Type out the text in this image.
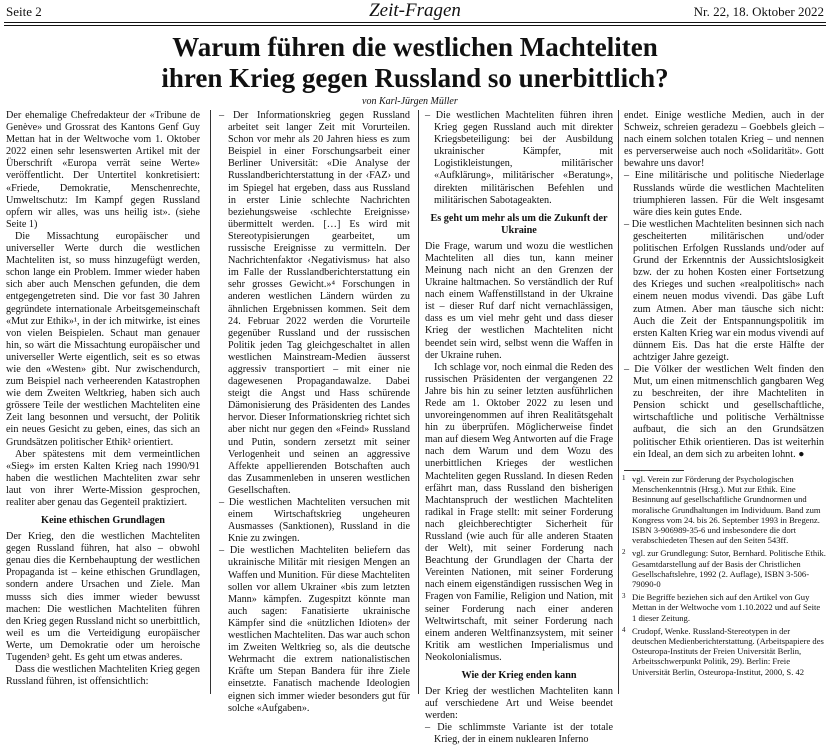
Seite 2	Zeit-Fragen	Nr. 22, 18. Oktober 2022
Warum führen die westlichen Machteliten
ihren Krieg gegen Russland so unerbittlich?
von Karl-Jürgen Müller

Der ehemalige Chefredakteur der «Tribune de Genève» und Grossrat des Kantons Genf Guy Mettan hat in der Weltwoche vom 1. Oktober 2022 einen sehr lesenswerten Artikel mit der Überschrift «Europa verrät seine Werte» veröffentlicht. Der Untertitel konkretisiert: «Friede, Demokratie, Menschenrechte, Umweltschutz: Im Kampf gegen Russland opfern wir alles, was uns heilig ist». (siehe Seite 1)

Die Missachtung europäischer und universeller Werte durch die westlichen Machteliten ist, so muss hinzugefügt werden, schon lange ein Problem. Immer wieder haben sich aber auch Menschen gefunden, die dem entgegengetreten sind. Die vor fast 30 Jahren gegründete internationale Arbeitsgemeinschaft «Mut zur Ethik»¹, in der ich mitwirke, ist eines von vielen Beispielen. Schaut man genauer hin, so wärt die Missachtung europäischer und universeller Werte eigentlich, seit es so etwas wie den «Westen» gibt. Nur zwischendurch, zum Beispiel nach verheerenden Katastrophen wie dem Zweiten Weltkrieg, haben sich auch grössere Teile der westlichen Machteliten eine Zeit lang besonnen und versucht, der Politik ein neues Gesicht zu geben, eines, das sich an Grundsätzen politischer Ethik² orientiert.

Aber spätestens mit dem vermeintlichen «Sieg» im ersten Kalten Krieg nach 1990/91 haben die westlichen Machteliten zwar sehr laut von ihrer Werte-Mission gesprochen, realiter aber genau das Gegenteil praktiziert.

Keine ethischen Grundlagen

Der Krieg, den die westlichen Machteliten gegen Russland führen, hat also – obwohl genau dies die Kernbehauptung der westlichen Propaganda ist – keine ethischen Grundlagen, sondern andere Ursachen und Ziele. Man musss sich dies immer wieder bewusst machen: Die westlichen Machteliten führen den Krieg gegen Russland nicht so unerbittlich, weil es um die Verteidigung europäischer Werte, um Demokratie oder um heroische Tugenden³ geht. Es geht um etwas anderes.

Dass die westlichen Machteliten Krieg gegen Russland führen, ist offensichtlich:

– Der Informationskrieg gegen Russland arbeitet seit langer Zeit mit Vorurteilen. Schon vor mehr als 20 Jahren hiess es zum Beispiel in einer Forschungsarbeit einer Berliner Universität: «Die Analyse der Russlandberichterstattung in der ‹FAZ› und im Spiegel hat ergeben, dass aus Russland in erster Linie schlechte Nachrichten beziehungsweise ‹schlechte Ereignisse› übermittelt werden. […] Es wird mit Stereotypisierungen gearbeitet, um russische Ereignisse zu vermitteln. Der Nachrichtenfaktor ‹Negativismus› hat also im Falle der Russlandberichterstattung ein sehr grosses Gewicht.»⁴ Forschungen in anderen westlichen Ländern würden zu ähnlichen Ergebnissen kommen. Seit dem 24. Februar 2022 werden die Vorurteile gegenüber Russland und der russischen Politik jeden Tag gleichgeschaltet in allen westlichen Mainstream-Medien äusserst aggressiv transportiert – mit einer nie dagewesenen Propagandawalze. Dabei steigt die Angst und Hass schürende Dämonisierung des Präsidenten des Landes hervor. Dieser Informationskrieg richtet sich aber nicht nur gegen den «Feind» Russland und Putin, sondern zersetzt mit seiner Verlogenheit und seinen an aggressive Affekte appellierenden Botschaften auch das Zusammenleben in unseren westlichen Gesellschaften.

– Die westlichen Machteliten versuchen mit einem Wirtschaftskrieg ungeheuren Ausmasses (Sanktionen), Russland in die Knie zu zwingen.

– Die westlichen Machteliten beliefern das ukrainische Militär mit riesigen Mengen an Waffen und Munition. Für diese Machteliten sollen vor allem Ukrainer «bis zum letzten Mann» kämpfen. Zugespitzt könnte man auch sagen: Fanatisierte ukrainische Kämpfer sind die «nützlichen Idioten» der westlichen Machteliten. Das war auch schon im Zweiten Weltkrieg so, als die deutsche Wehrmacht die extrem nationalistischen Kräfte um Stepan Bandera für ihre Ziele einsetzte. Fanatisch machende Ideologien eignen sich immer wieder besonders gut für solche «Aufgaben».

– Die westlichen Machteliten führen ihren Krieg gegen Russland auch mit direkter Kriegsbeteiligung: bei der Ausbildung ukrainischer Kämpfer, mit Logistikleistungen, militärischer «Aufklärung», militärischer «Beratung», direkten militärischen Befehlen und militärischen Sabotageakten.

Es geht um mehr als um die Zukunft der Ukraine

Die Frage, warum und wozu die westlichen Machteliten all dies tun, kann meiner Meinung nach nicht an den Grenzen der Ukraine haltmachen. So verständlich der Ruf nach einem Waffenstillstand in der Ukraine ist – dieser Ruf darf nicht vernachlässigen, dass es um viel mehr geht und dass dieser Krieg der westlichen Machteliten nicht beendet sein wird, selbst wenn die Waffen in der Ukraine ruhen.

Ich schlage vor, noch einmal die Reden des russischen Präsidenten der vergangenen 22 Jahre bis hin zu seiner letzten ausführlichen Rede am 1. Oktober 2022 zu lesen und unvoreingenommen auf ihren Realitätsgehalt hin zu überprüfen. Möglicherweise findet man auf diesem Weg Antworten auf die Frage nach dem Warum und dem Wozu des unerbittlichen Krieges der westlichen Machteliten gegen Russland. In diesen Reden erfährt man, dass Russland den bisherigen Machtanspruch der westlichen Machteliten radikal in Frage stellt: mit seiner Forderung nach gleichberechtigter Sicherheit für Russland (wie auch für alle anderen Staaten der Welt), mit seiner Forderung nach Beachtung der Grundlagen der Charta der Vereinten Nationen, mit seiner Forderung nach einem eigenständigen russischen Weg in Fragen von Familie, Religion und Nation, mit seiner Forderung nach einer anderen Weltwirtschaft, mit seiner Forderung nach einem anderen Weltfinanzsystem, mit seiner Kritik am westlichen Imperialismus und Neokolonialismus.

Wie der Krieg enden kann

Der Krieg der westlichen Machteliten kann auf verschiedene Art und Weise beendet werden:

– Die schlimmste Variante ist der totale Krieg, der in einem nuklearen Inferno

endet. Einige westliche Medien, auch in der Schweiz, schreien geradezu – Goebbels gleich – nach einem solchen totalen Krieg – und nennen es perverserweise auch noch «Solidarität». Gott bewahre uns davor!

– Eine militärische und politische Niederlage Russlands würde die westlichen Machteliten triumphieren lassen. Für die Welt insgesamt wäre dies kein gutes Ende.

– Die westlichen Machteliten besinnen sich nach gescheiterten militärischen und/oder politischen Erfolgen Russlands und/oder auf Grund der Erkenntnis der Aussichtslosigkeit bzw. der zu hohen Kosten einer Fortsetzung des Krieges und suchen «realpolitisch» nach einem neuen modus vivendi. Das gäbe Luft zum Atmen. Aber man täusche sich nicht: Auch die Zeit der Entspannungspolitik im ersten Kalten Krieg war ein modus vivendi auf dünnem Eis. Das hat die erste Hälfte der achtziger Jahre gezeigt.

– Die Völker der westlichen Welt finden den Mut, um einen mitmenschlich gangbaren Weg zu beschreiten, der ihre Machteliten in Pension schickt und gesellschaftliche, wirtschaftliche und politische Verhältnisse aufbaut, die sich an den Grundsätzen politischer Ethik orientieren. Das ist weiterhin ein Ideal, an dem sich zu arbeiten lohnt. ●

1 vgl. Verein zur Förderung der Psychologischen Menschenkenntnis (Hrsg.). Mut zur Ethik. Eine Besinnung auf gesellschaftliche Grundnormen und moralische Grundhaltungen im Individuum. Band zum Kongress vom 24. bis 26. September 1993 in Bregenz. ISBN 3-906989-35-6 und insbesondere die dort verabschiedeten Thesen auf den Seiten 543ff.
2 vgl. zur Grundlegung: Sutor, Bernhard. Politische Ethik. Gesamtdarstellung auf der Basis der Christlichen Gesellschaftslehre, 1992 (2. Auflage), ISBN 3-506-79090-0
3 Die Begriffe beziehen sich auf den Artikel von Guy Mettan in der Weltwoche vom 1.10.2022 und auf Seite 1 dieser Zeitung.
4 Crudopf, Wenke. Russland-Stereotypen in der deutschen Medienberichterstattung. (Arbeitspapiere des Osteuropa-Instituts der Freien Universität Berlin, Arbeitsschwerpunkt Politik, 29). Berlin: Freie Universität Berlin, Osteuropa-Institut, 2000, S. 42
